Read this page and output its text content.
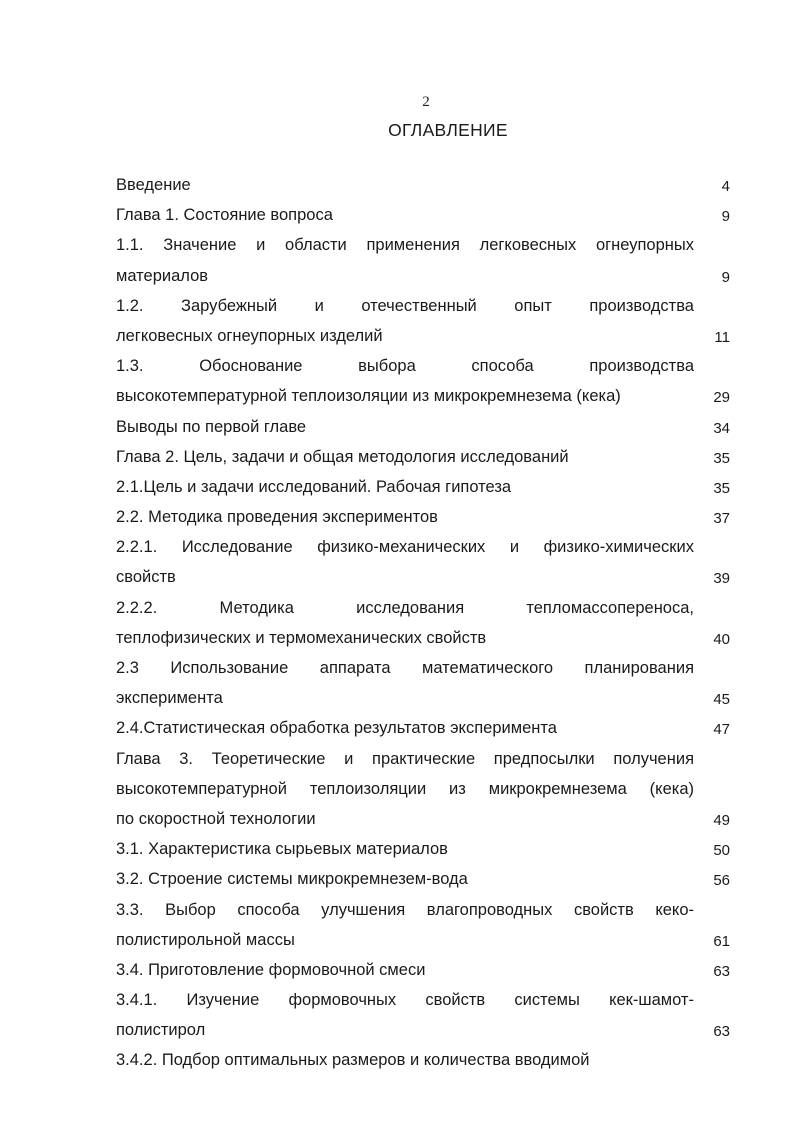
2
ОГЛАВЛЕНИЕ
Введение	4
Глава 1. Состояние вопроса	9
1.1. Значение и области применения легковесных огнеупорных
материалов	9
1.2. Зарубежный и отечественный опыт производства
легковесных огнеупорных изделий	11
1.3. Обоснование выбора способа производства
высокотемпературной теплоизоляции из микрокремнезема (кека)	29
Выводы по первой главе	34
Глава 2. Цель, задачи и общая методология исследований	35
2.1.Цель и задачи исследований. Рабочая гипотеза	35
2.2. Методика проведения экспериментов	37
2.2.1. Исследование физико-механических и физико-химических
свойств	39
2.2.2. Методика исследования тепломассопереноса,
теплофизических и термомеханических свойств	40
2.3 Использование аппарата математического планирования
эксперимента	45
2.4.Статистическая обработка результатов эксперимента	47
Глава 3. Теоретические и практические предпосылки получения
высокотемпературной теплоизоляции из микрокремнезема (кека)
по скоростной технологии	49
3.1. Характеристика сырьевых материалов	50
3.2. Строение системы микрокремнезем-вода	56
3.3. Выбор способа улучшения влагопроводных свойств кеко-
полистирольной массы	61
3.4. Приготовление формовочной смеси	63
3.4.1. Изучение формовочных свойств системы кек-шамот-
полистирол	63
3.4.2. Подбор оптимальных размеров и количества вводимой
